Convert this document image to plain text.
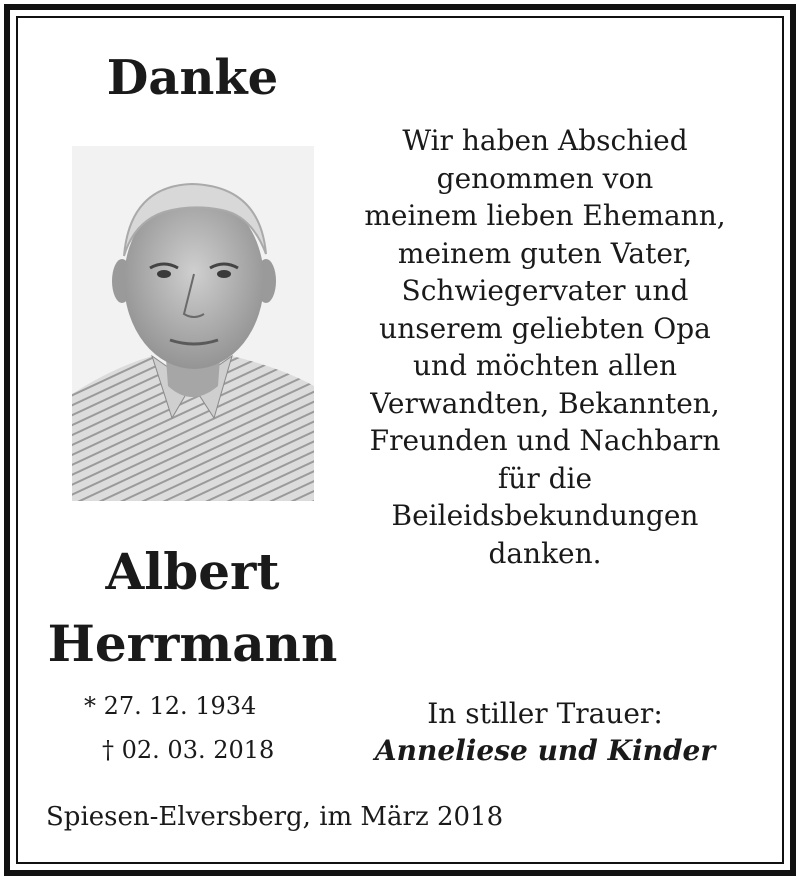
Danke
Albert
Herrmann
* 27. 12. 1934
† 02. 03. 2018
Wir haben Abschied
genommen von
meinem lieben Ehemann,
meinem guten Vater,
Schwiegervater und
unserem geliebten Opa
und möchten allen
Verwandten, Bekannten,
Freunden und Nachbarn
für die
Beileidsbekundungen
danken.
In stiller Trauer:
Anneliese und Kinder
Spiesen-Elversberg, im März 2018
